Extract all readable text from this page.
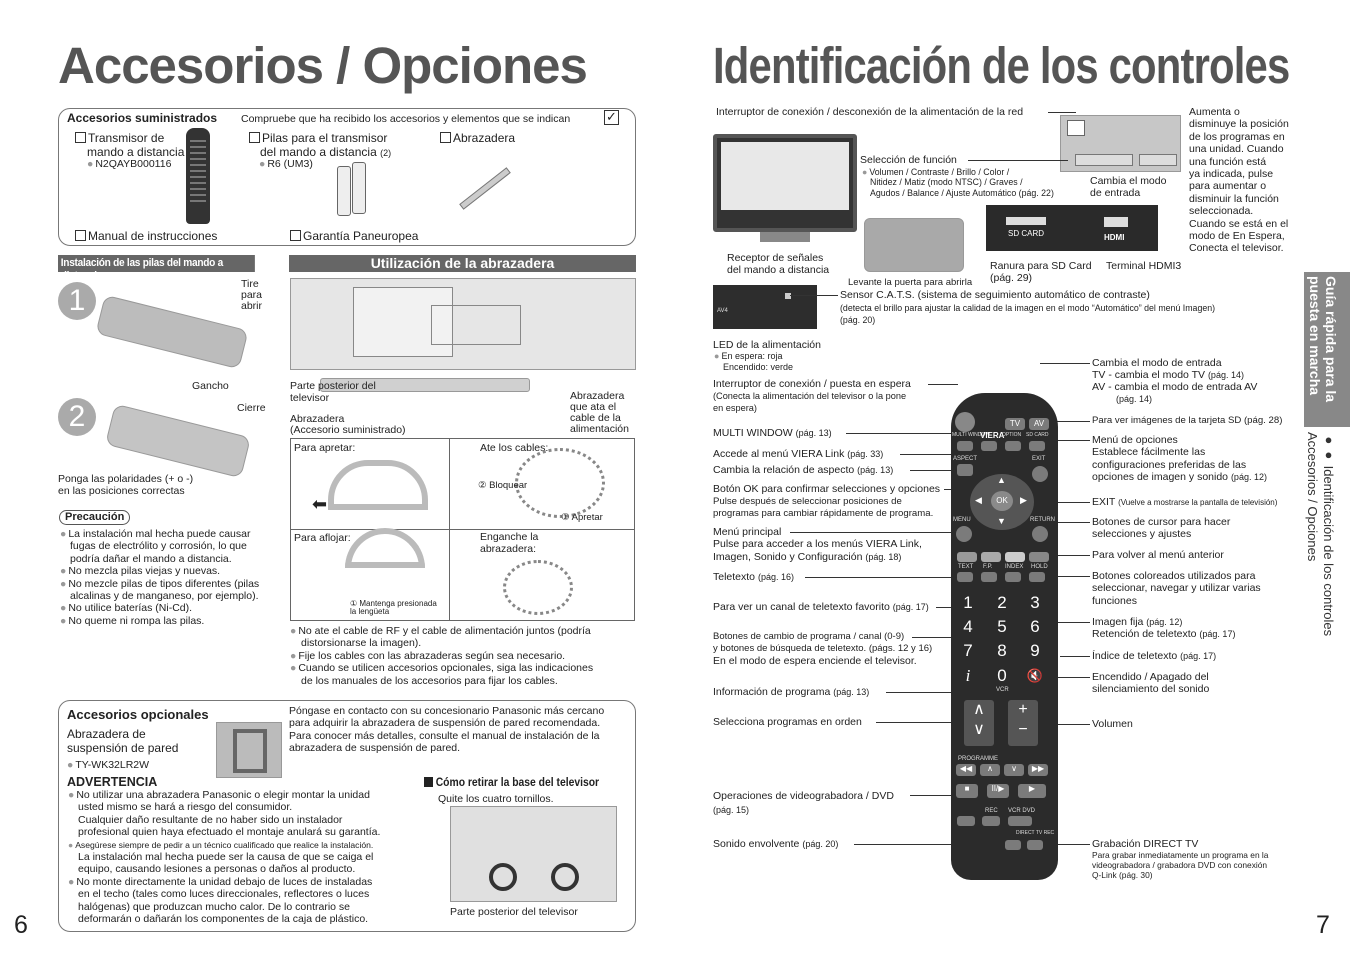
Accesorios / Opciones
Accesorios suministrados Compruebe que ha recibido los accesorios y elementos que se indican	✓
Transmisor de
mando a distancia
● N2QAYB000116
Pilas para el transmisor
del mando a distancia (2)
● R6 (UM3)
Abrazadera
Manual de instrucciones	Garantía Paneuropea
Instalación de las pilas del mando a distancia
1	Tire
para
abrir
Gancho
2	Cierre
Ponga las polaridades (+ o -)
en las posiciones correctas
Precaución
● La instalación mal hecha puede causar
fugas de electrólito y corrosión, lo que
podría dañar el mando a distancia.
● No mezcla pilas viejas y nuevas.
● No mezcle pilas de tipos diferentes (pilas
alcalinas y de manganeso, por ejemplo).
● No utilice baterías (Ni-Cd).
● No queme ni rompa las pilas.
Utilización de la abrazadera
Parte posterior del
televisor
Abrazadera
(Accesorio suministrado)
Abrazadera
que ata el
cable de la
alimentación
Para apretar:
⬅
Ate los cables:
② Bloquear
① Apretar
Para aflojar:
① Mantenga presionada
la lengüeta
Enganche la
abrazadera:
● No ate el cable de RF y el cable de alimentación juntos (podría
distorsionarse la imagen).
● Fije los cables con las abrazaderas según sea necesario.
● Cuando se utilicen accesorios opcionales, siga las indicaciones
de los manuales de los accesorios para fijar los cables.
Accesorios opcionales
Abrazadera de
suspensión de pared
● TY-WK32LR2W
Póngase en contacto con su concesionario Panasonic más cercano
para adquirir la abrazadera de suspensión de pared recomendada.
Para conocer más detalles, consulte el manual de instalación de la
abrazadera de suspensión de pared.
ADVERTENCIA
● No utilizar una abrazadera Panasonic o elegir montar la unidad
usted mismo se hará a riesgo del consumidor.
Cualquier daño resultante de no haber sido un instalador
profesional quien haya efectuado el montaje anulará su garantía.
● Asegúrese siempre de pedir a un técnico cualificado que realice la instalación.
La instalación mal hecha puede ser la causa de que se caiga el
equipo, causando lesiones a personas o daños al producto.
● No monte directamente la unidad debajo de luces de instaladas
en el techo (tales como luces direccionales, reflectores o luces
halógenas) que produzcan mucho calor. De lo contrario se
deformarán o dañarán los componentes de la caja de plástico.
Cómo retirar la base del televisor
Quite los cuatro tornillos.
Parte posterior del televisor
6
Identificación de los controles
Guía rápida para la
puesta en marcha
●● Identificación de los controles
Accesorios / Opciones
Interruptor de conexión / desconexión de la alimentación de la red	Aumenta o
disminuye la posición
de los programas en
una unidad. Cuando
una función está
ya indicada, pulse
para aumentar o
disminuir la función
seleccionada.
Cuando se está en el
modo de En Espera,
Conecta el televisor.
Selección de función
● Volumen / Contraste / Brillo / Color /
Nitidez / Matiz (modo NTSC) / Graves /
Agudos / Balance / Ajuste Automático (pág. 22)
Cambia el modo
de entrada
Levante la puerta para abrirla
SD CARD	HDMI
Receptor de señales
del mando a distancia	Ranura para SD Card
(pág. 29)
Terminal HDMI3
AV4
Sensor C.A.T.S. (sistema de seguimiento automático de contraste)
(detecta el brillo para ajustar la calidad de la imagen en el modo “Automático” del menú Imagen)
(pág. 20)
LED de la alimentación
● En espera: roja
Encendido: verde
Interruptor de conexión / puesta en espera
(Conecta la alimentación del televisor o la pone
en espera)
MULTI WINDOW (pág. 13)
Accede al menú VIERA Link (pág. 33)
Cambia la relación de aspecto (pág. 13)
Botón OK para confirmar selecciones y opciones
Pulse después de seleccionar posiciones de
programas para cambiar rápidamente de programa.
Menú principal
Pulse para acceder a los menús VIERA Link,
Imagen, Sonido y Configuración (pág. 18)
Teletexto (pág. 16)
Para ver un canal de teletexto favorito (pág. 17)
Botones de cambio de programa / canal (0-9)
y botones de búsqueda de teletexto. (págs. 12 y 16)
En el modo de espera enciende el televisor.
Información de programa (pág. 13)
Selecciona programas en orden
Operaciones de videograbadora / DVD
(pág. 15)
Sonido envolvente (pág. 20)
Cambia el modo de entrada
TV - cambia el modo TV (pág. 14)
AV - cambia el modo de entrada AV
(pág. 14)
Para ver imágenes de la tarjeta SD (pág. 28)
Menú de opciones
Establece fácilmente las
configuraciones preferidas de las
opciones de imagen y sonido (pág. 12)
EXIT (Vuelve a mostrarse la pantalla de televisión)
Botones de cursor para hacer
selecciones y ajustes
Para volver al menú anterior
Botones coloreados utilizados para
seleccionar, navegar y utilizar varias
funciones
Imagen fija (pág. 12)
Retención de teletexto (pág. 17)
Índice de teletexto (pág. 17)
Encendido / Apagado del
silenciamiento del sonido
Volumen
Grabación DIRECT TV
Para grabar inmediatamente un programa en la
videograbadora / grabadora DVD con conexión
Q-Link (pág. 30)
TV	AV
MULTI WINDOW
VIERA
OPTION SD CARD
ASPECT	EXIT
OK
▲
▼
◀	▶
MENU	RETURN
TEXT F.P. INDEX HOLD
1	2	3
4	5	6
7	8	9
i	0	🔇
VCR
∧
∨
+
−
PROGRAMME
◀◀	∧	∨	▶▶
■	II/▶	▶
REC VCR DVD
DIRECT TV REC
7
